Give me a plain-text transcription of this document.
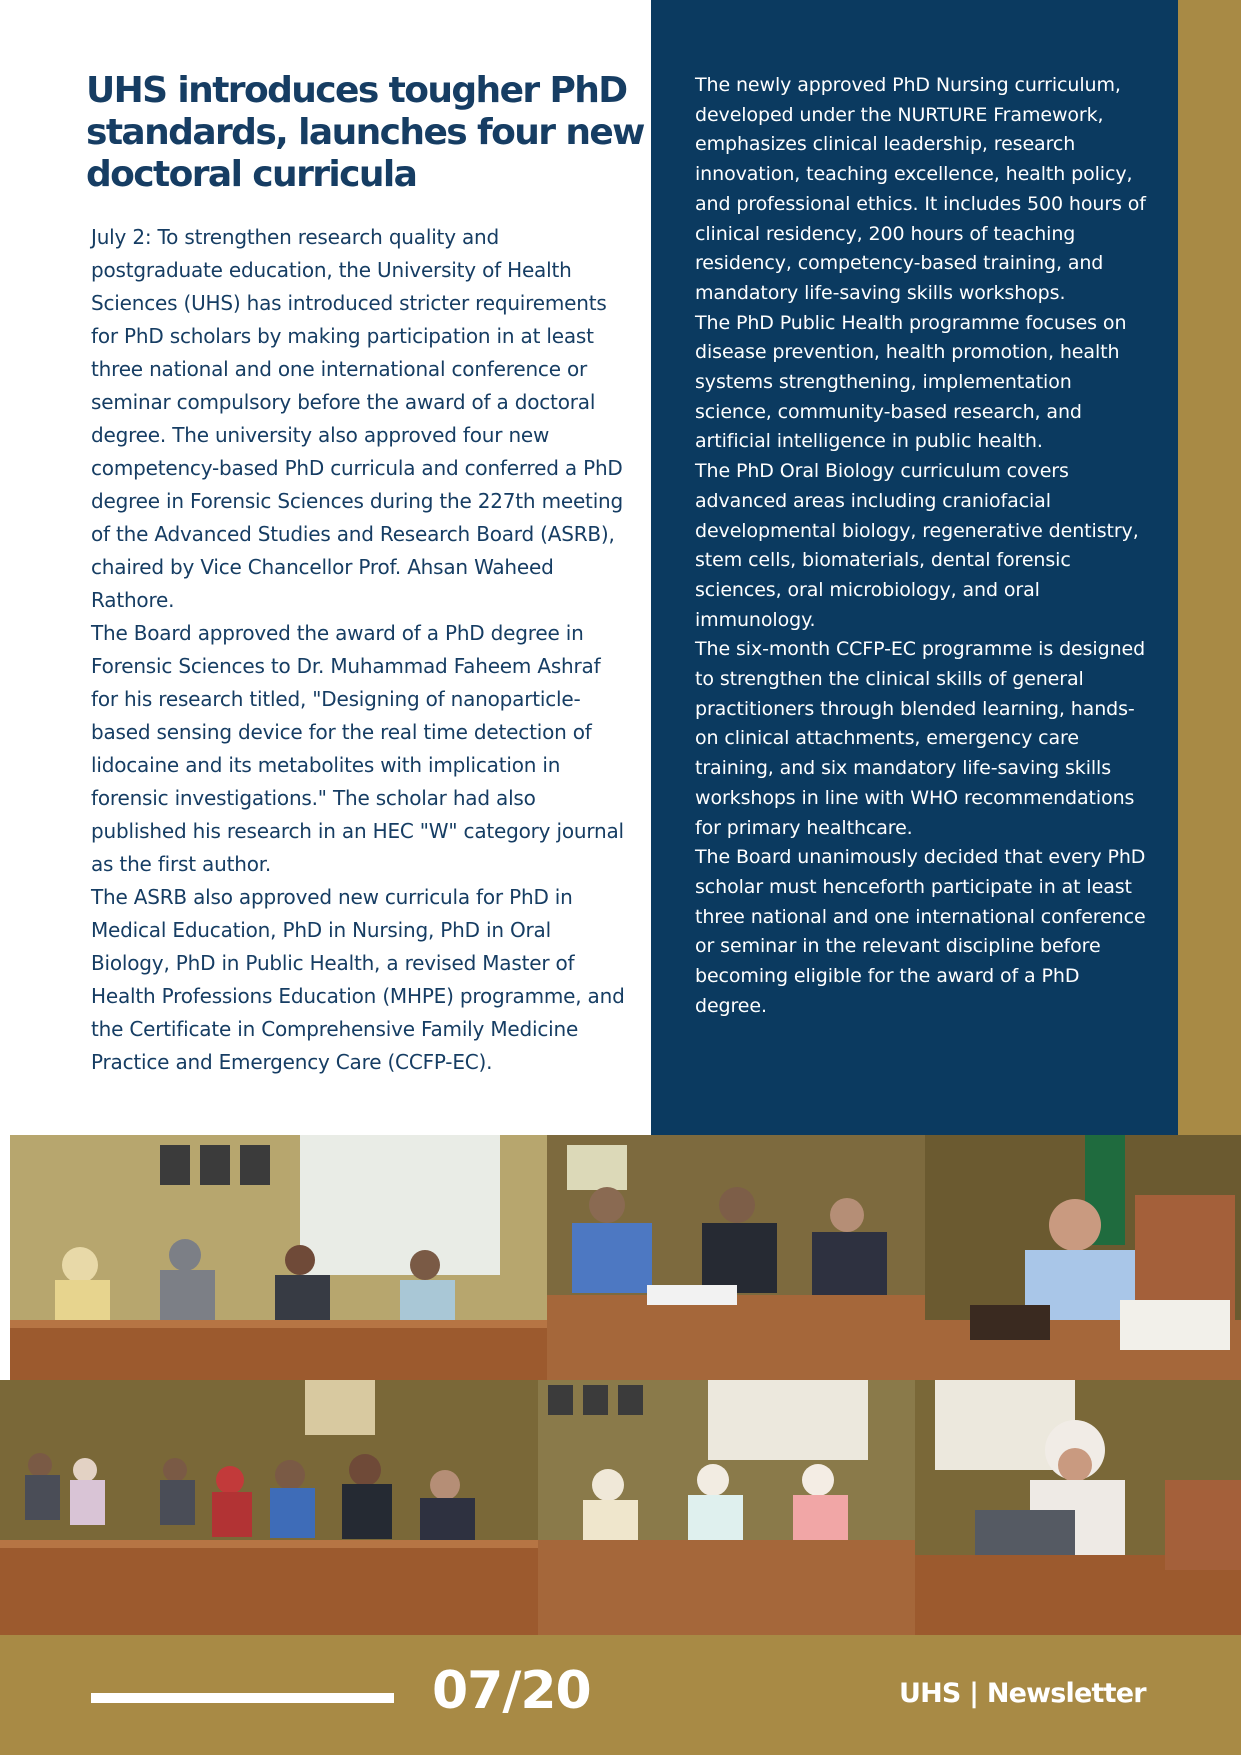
UHS introduces tougher PhD standards, launches four new doctoral curricula

July 2: To strengthen research quality and postgraduate education, the University of Health Sciences (UHS) has introduced stricter requirements for PhD scholars by making participation in at least three national and one international conference or seminar compulsory before the award of a doctoral degree. The university also approved four new competency-based PhD curricula and conferred a PhD degree in Forensic Sciences during the 227th meeting of the Advanced Studies and Research Board (ASRB), chaired by Vice Chancellor Prof. Ahsan Waheed Rathore.

The Board approved the award of a PhD degree in Forensic Sciences to Dr. Muhammad Faheem Ashraf for his research titled, "Designing of nanoparticle-based sensing device for the real time detection of lidocaine and its metabolites with implication in forensic investigations." The scholar had also published his research in an HEC "W" category journal as the first author.

The ASRB also approved new curricula for PhD in Medical Education, PhD in Nursing, PhD in Oral Biology, PhD in Public Health, a revised Master of Health Professions Education (MHPE) programme, and the Certificate in Comprehensive Family Medicine Practice and Emergency Care (CCFP-EC).

The newly approved PhD Nursing curriculum, developed under the NURTURE Framework, emphasizes clinical leadership, research innovation, teaching excellence, health policy, and professional ethics. It includes 500 hours of clinical residency, 200 hours of teaching residency, competency-based training, and mandatory life-saving skills workshops.

The PhD Public Health programme focuses on disease prevention, health promotion, health systems strengthening, implementation science, community-based research, and artificial intelligence in public health.

The PhD Oral Biology curriculum covers advanced areas including craniofacial developmental biology, regenerative dentistry, stem cells, biomaterials, dental forensic sciences, oral microbiology, and oral immunology.

The six-month CCFP-EC programme is designed to strengthen the clinical skills of general practitioners through blended learning, hands-on clinical attachments, emergency care training, and six mandatory life-saving skills workshops in line with WHO recommendations for primary healthcare.

The Board unanimously decided that every PhD scholar must henceforth participate in at least three national and one international conference or seminar in the relevant discipline before becoming eligible for the award of a PhD degree.

07/20	UHS | Newsletter
